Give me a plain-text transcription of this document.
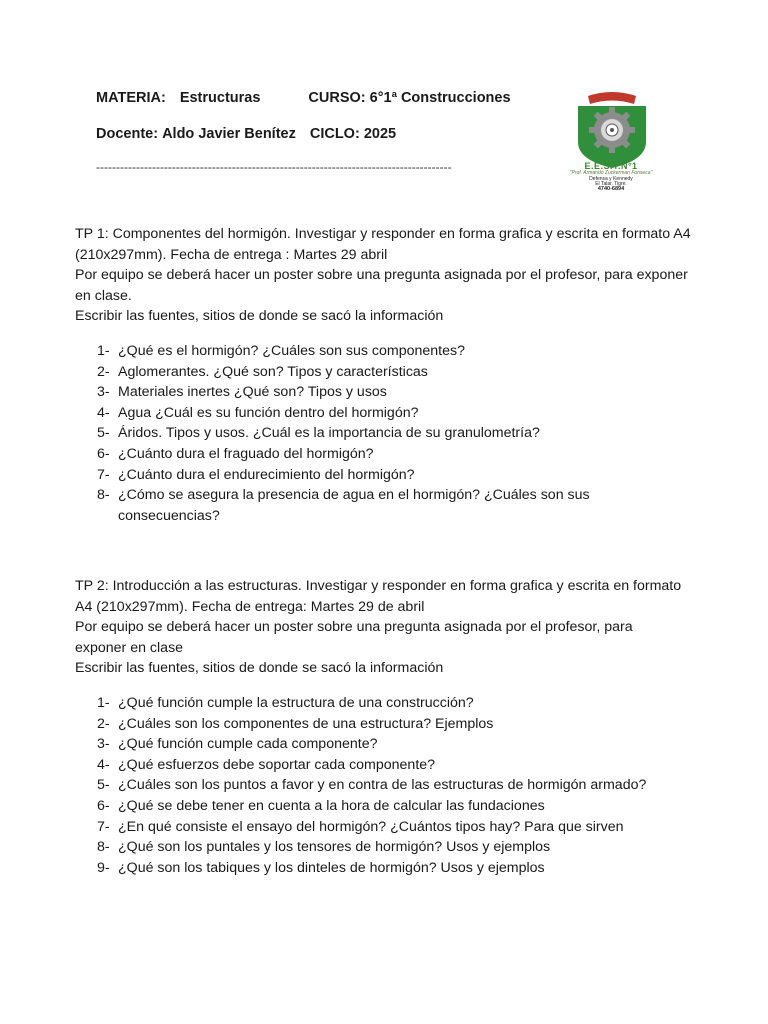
MATERIA: Estructuras	CURSO: 6°1ª Construcciones
Docente: Aldo Javier Benítez CICLO: 2025
-----------------------------------------------------------------------------------------	E.E.S.T.N°1
"Prof. Armando Zuckerman Fonseca"
Defensa y Kennedy
El Talar. Tigre.
4740-6894

TP 1: Componentes del hormigón. Investigar y responder en forma grafica y escrita en formato A4 (210x297mm). Fecha de entrega : Martes 29 abril

Por equipo se deberá hacer un poster sobre una pregunta asignada por el profesor, para exponer en clase.

Escribir las fuentes, sitios de donde se sacó la información

1- ¿Qué es el hormigón? ¿Cuáles son sus componentes?
2- Aglomerantes. ¿Qué son? Tipos y características
3- Materiales inertes ¿Qué son? Tipos y usos
4- Agua ¿Cuál es su función dentro del hormigón?
5- Áridos. Tipos y usos. ¿Cuál es la importancia de su granulometría?
6- ¿Cuánto dura el fraguado del hormigón?
7- ¿Cuánto dura el endurecimiento del hormigón?
8- ¿Cómo se asegura la presencia de agua en el hormigón? ¿Cuáles son sus consecuencias?

TP 2: Introducción a las estructuras. Investigar y responder en forma grafica y escrita en formato A4 (210x297mm). Fecha de entrega: Martes 29 de abril

Por equipo se deberá hacer un poster sobre una pregunta asignada por el profesor, para exponer en clase

Escribir las fuentes, sitios de donde se sacó la información

1- ¿Qué función cumple la estructura de una construcción?
2- ¿Cuáles son los componentes de una estructura? Ejemplos
3- ¿Qué función cumple cada componente?
4- ¿Qué esfuerzos debe soportar cada componente?
5- ¿Cuáles son los puntos a favor y en contra de las estructuras de hormigón armado?
6- ¿Qué se debe tener en cuenta a la hora de calcular las fundaciones
7- ¿En qué consiste el ensayo del hormigón? ¿Cuántos tipos hay? Para que sirven
8- ¿Qué son los puntales y los tensores de hormigón? Usos y ejemplos
9- ¿Qué son los tabiques y los dinteles de hormigón? Usos y ejemplos
